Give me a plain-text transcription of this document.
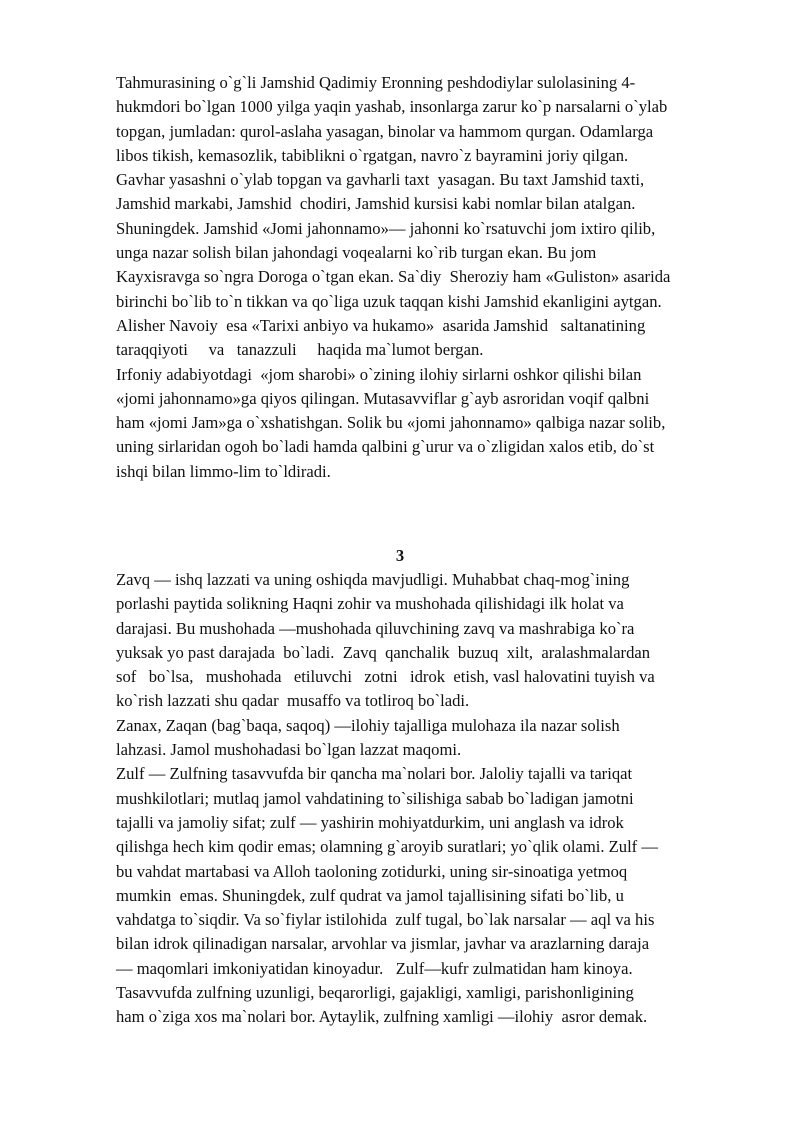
Tahmurasining o`g`li Jamshid Qadimiy Eronning peshdodiylar sulolasining 4-
hukmdori bo`lgan 1000 yilga yaqin yashab, insonlarga zarur ko`p narsalarni o`ylab
topgan, jumladan: qurol-aslaha yasagan, binolar va hammom qurgan. Odamlarga
libos tikish, kemasozlik, tabiblikni o`rgatgan, navro`z bayramini joriy qilgan.
Gavhar yasashni o`ylab topgan va gavharli taxt  yasagan. Bu taxt Jamshid taxti,
Jamshid markabi, Jamshid  chodiri, Jamshid kursisi kabi nomlar bilan atalgan.
Shuningdek. Jamshid «Jomi jahonnamo»— jahonni ko`rsatuvchi jom ixtiro qilib,
unga nazar solish bilan jahondagi voqealarni ko`rib turgan ekan. Bu jom
Kayxisravga so`ngra Doroga o`tgan ekan. Sa`diy  Sheroziy ham «Guliston» asarida
birinchi bo`lib to`n tikkan va qo`liga uzuk taqqan kishi Jamshid ekanligini aytgan.
Alisher Navoiy  esa «Tarixi anbiyo va hukamo»  asarida Jamshid   saltanatining
taraqqiyoti     va   tanazzuli     haqida ma`lumot bergan.
Irfoniy adabiyotdagi  «jom sharobi» o`zining ilohiy sirlarni oshkor qilishi bilan
«jomi jahonnamo»ga qiyos qilingan. Mutasavviflar g`ayb asroridan voqif qalbni
ham «jomi Jam»ga o`xshatishgan. Solik bu «jomi jahonnamo» qalbiga nazar solib,
uning sirlaridan ogoh bo`ladi hamda qalbini g`urur va o`zligidan xalos etib, do`st
ishqi bilan limmo-lim to`ldiradi.
3
Zavq — ishq lazzati va uning oshiqda mavjudligi. Muhabbat chaq-mog`ining
porlashi paytida solikning Haqni zohir va mushohada qilishidagi ilk holat va
darajasi. Bu mushohada —mushohada qiluvchining zavq va mashrabiga ko`ra
yuksak yo past darajada  bo`ladi.  Zavq  qanchalik  buzuq  xilt,  aralashmalardan
sof   bo`lsa,   mushohada   etiluvchi   zotni   idrok  etish, vasl halovatini tuyish va
ko`rish lazzati shu qadar  musaffo va totliroq bo`ladi.
Zanax, Zaqan (bag`baqa, saqoq) —ilohiy tajalliga mulohaza ila nazar solish
lahzasi. Jamol mushohadasi bo`lgan lazzat maqomi.
Zulf — Zulfning tasavvufda bir qancha ma`nolari bor. Jaloliy tajalli va tariqat
mushkilotlari; mutlaq jamol vahdatining to`silishiga sabab bo`ladigan jamotni
tajalli va jamoliy sifat; zulf — yashirin mohiyatdurkim, uni anglash va idrok
qilishga hech kim qodir emas; olamning g`aroyib suratlari; yo`qlik olami. Zulf —
bu vahdat martabasi va Alloh taoloning zotidurki, uning sir-sinoatiga yetmoq
mumkin  emas. Shuningdek, zulf qudrat va jamol tajallisining sifati bo`lib, u
vahdatga to`siqdir. Va so`fiylar istilohida  zulf tugal, bo`lak narsalar — aql va his
bilan idrok qilinadigan narsalar, arvohlar va jismlar, javhar va arazlarning daraja
— maqomlari imkoniyatidan kinoyadur.   Zulf—kufr zulmatidan ham kinoya.
Tasavvufda zulfning uzunligi, beqarorligi, gajakligi, xamligi, parishonligining
ham o`ziga xos ma`nolari bor. Aytaylik, zulfning xamligi —ilohiy  asror demak.
